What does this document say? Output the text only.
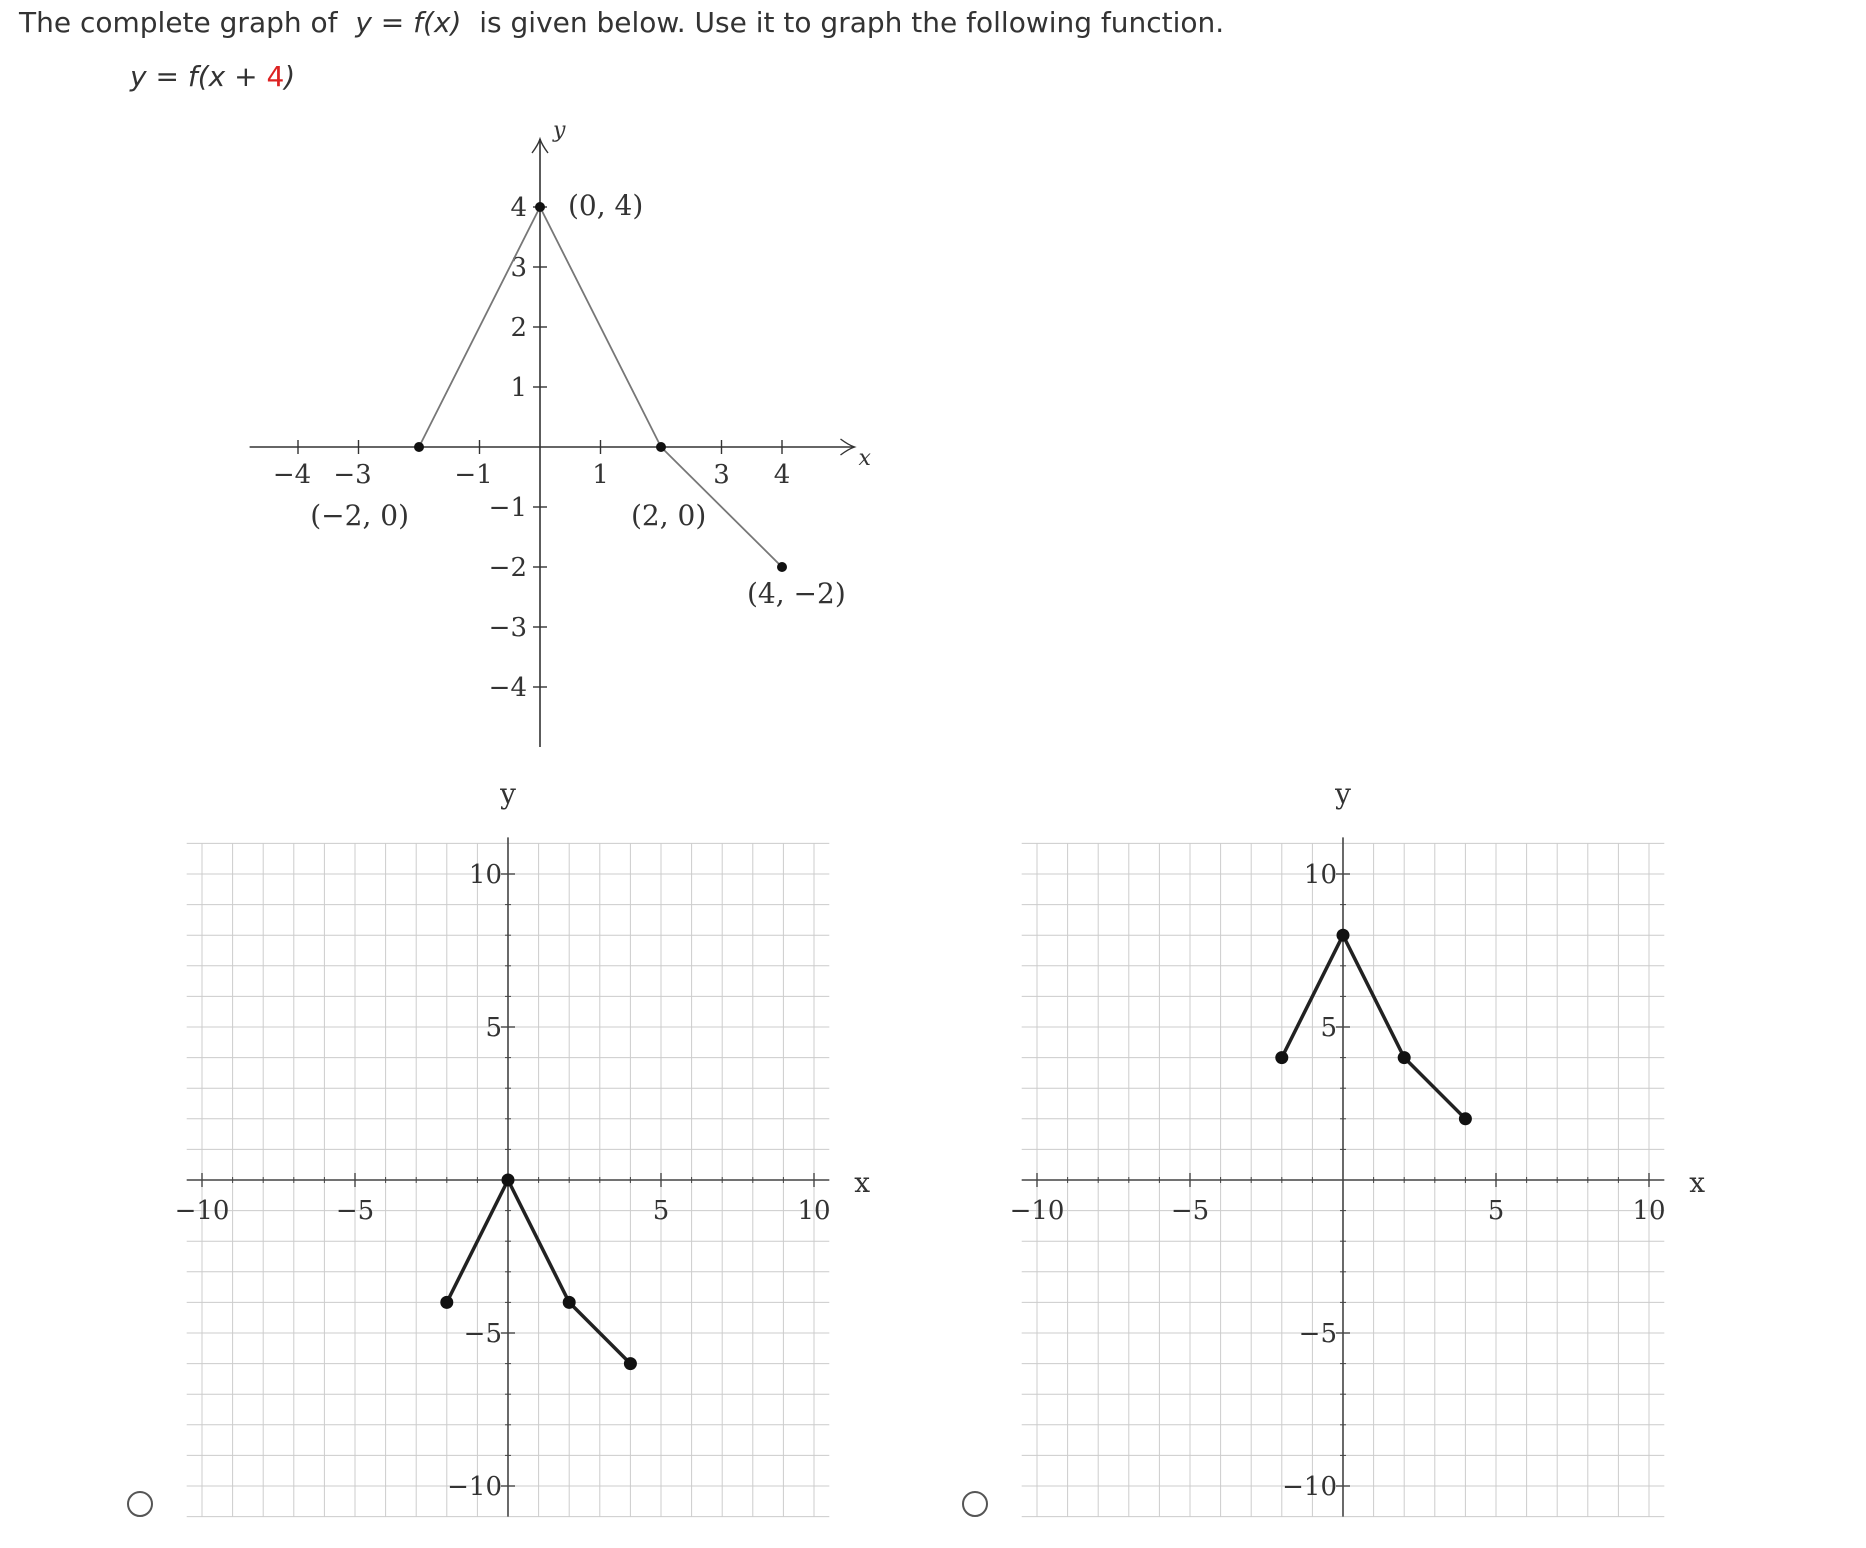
The complete graph of y = f(x) is given below. Use it to graph the following function.
y = f(x + 4)
x
y
−4 −3	−1	1	3 4
4
3
2
1
−1
−2
−3
−4
(−2, 0)
(0, 4)
(2, 0)
(4, −2)
x
y
−10	−5	5	10
10
5
−5
−10
x
y
−10	−5	5	10
10
5
−5
−10
